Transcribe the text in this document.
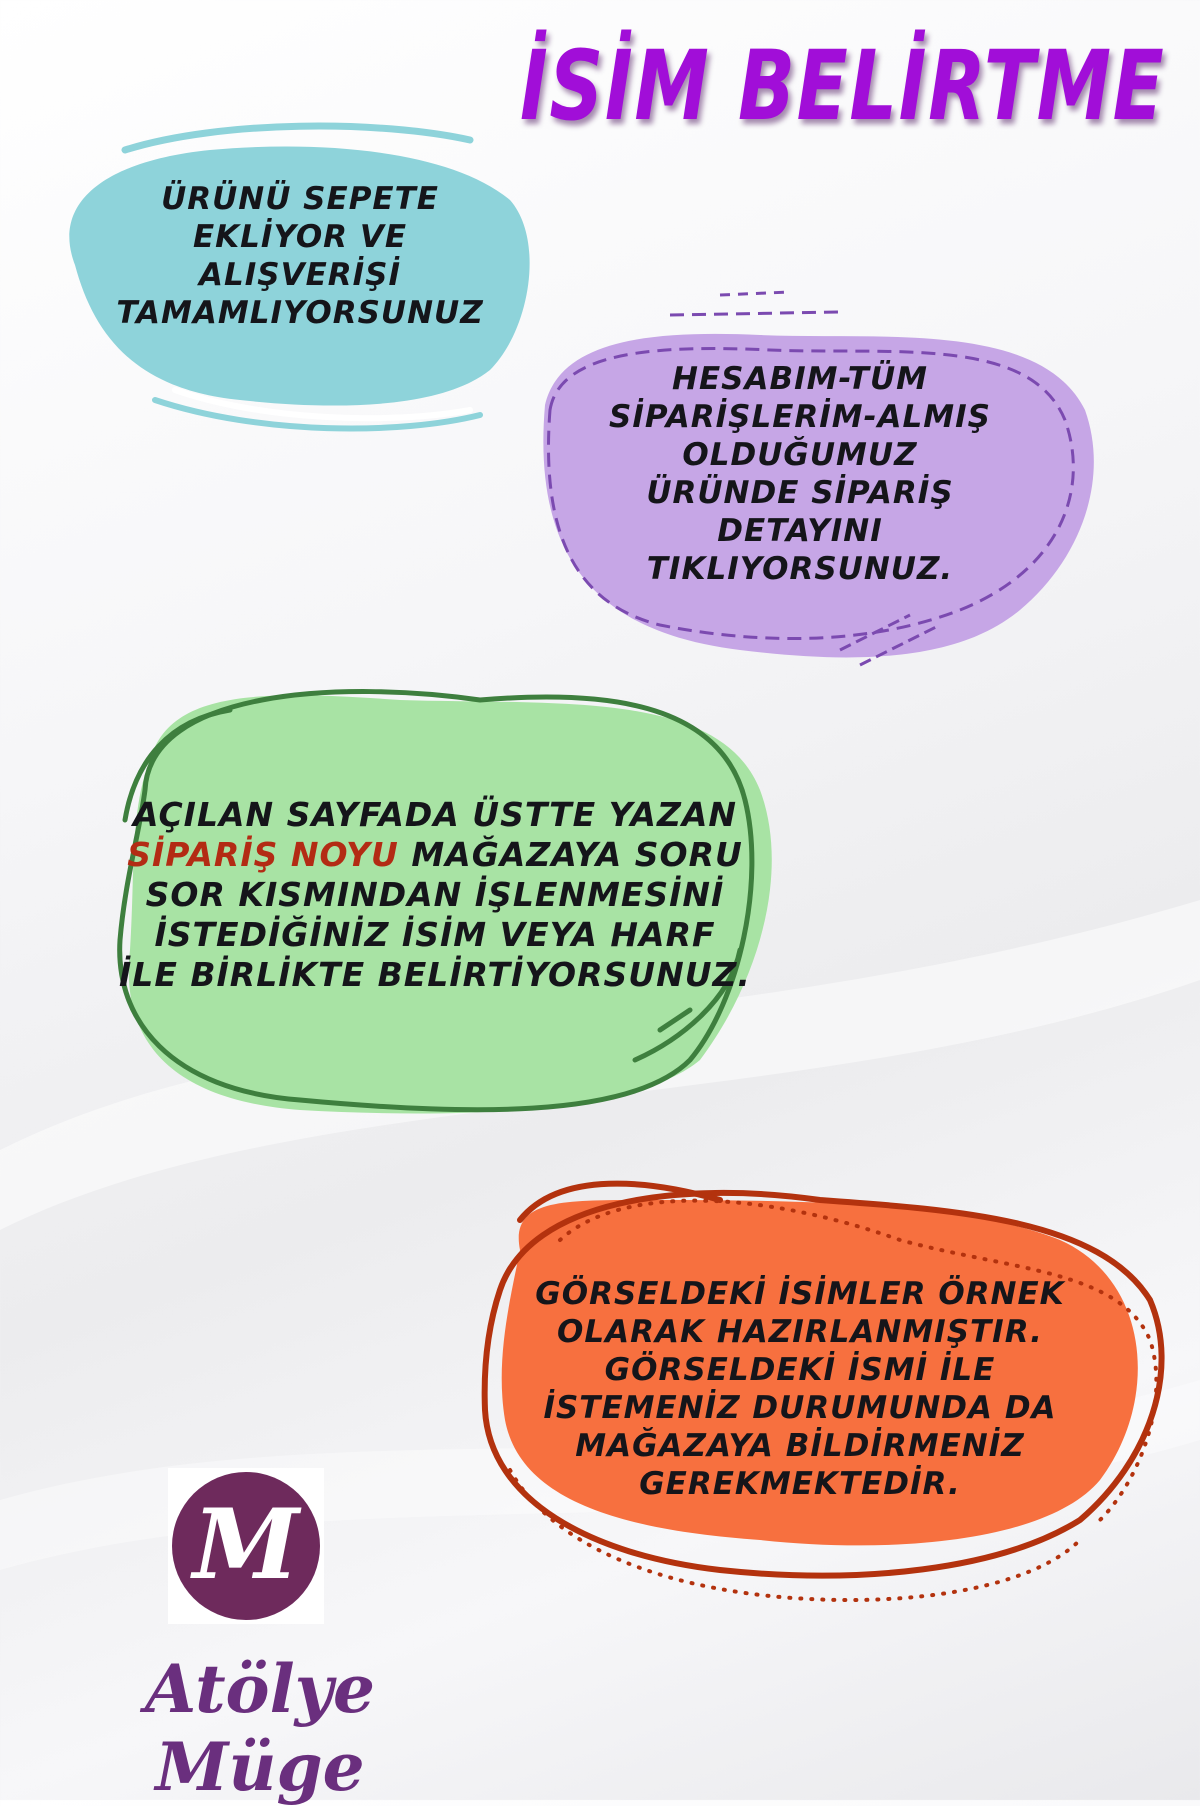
İSİM BELİRTME
ÜRÜNÜ SEPETE
EKLİYOR VE
ALIŞVERİŞİ
TAMAMLIYORSUNUZ
HESABIM-TÜM
SİPARİŞLERİM-ALMIŞ
OLDUĞUMUZ
ÜRÜNDE SİPARİŞ
DETAYINI
TIKLIYORSUNUZ.
AÇILAN SAYFADA ÜSTTE YAZAN
SİPARİŞ NOYU MAĞAZAYA SORU
SOR KISMINDAN İŞLENMESİNİ
İSTEDİĞİNİZ İSİM VEYA HARF
İLE BİRLİKTE BELİRTİYORSUNUZ.
GÖRSELDEKİ İSİMLER ÖRNEK
OLARAK HAZIRLANMIŞTIR.
GÖRSELDEKİ İSMİ İLE
İSTEMENİZ DURUMUNDA DA
MAĞAZAYA BİLDİRMENİZ
GEREKMEKTEDİR.
M
Atölye Müge
